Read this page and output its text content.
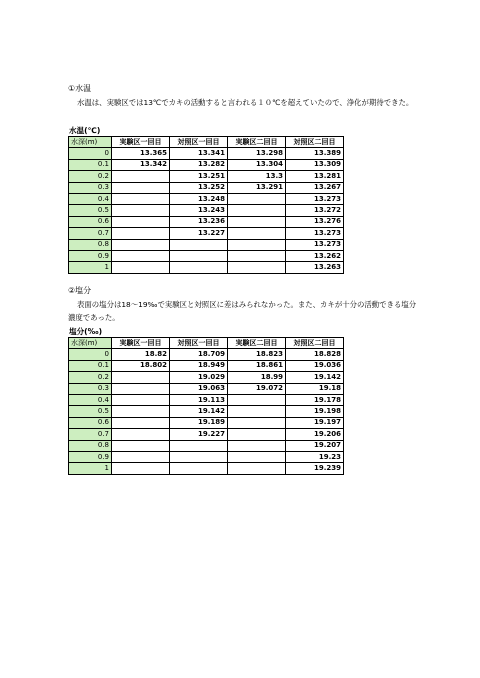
①水温
水温は、実験区では13℃でカキの活動すると言われる１０℃を超えていたので、浄化が期待できた。
水温(℃)
水深(m)	実験区一回目	対照区一回目	実験区二回目	対照区二回目
0	13.365	13.341	13.298	13.389
0.1	13.342	13.282	13.304	13.309
0.2		13.251	13.3	13.281
0.3		13.252	13.291	13.267
0.4		13.248		13.273
0.5		13.243		13.272
0.6		13.236		13.276
0.7		13.227		13.273
0.8				13.273
0.9				13.262
1				13.263
②塩分
表面の塩分は18～19‰で実験区と対照区に差はみられなかった。また、カキが十分の活動できる塩分濃度であった。
塩分(‰)
水深(m)	実験区一回目	対照区一回目	実験区二回目	対照区二回目
0	18.82	18.709	18.823	18.828
0.1	18.802	18.949	18.861	19.036
0.2		19.029	18.99	19.142
0.3		19.063	19.072	19.18
0.4		19.113		19.178
0.5		19.142		19.198
0.6		19.189		19.197
0.7		19.227		19.206
0.8				19.207
0.9				19.23
1				19.239
